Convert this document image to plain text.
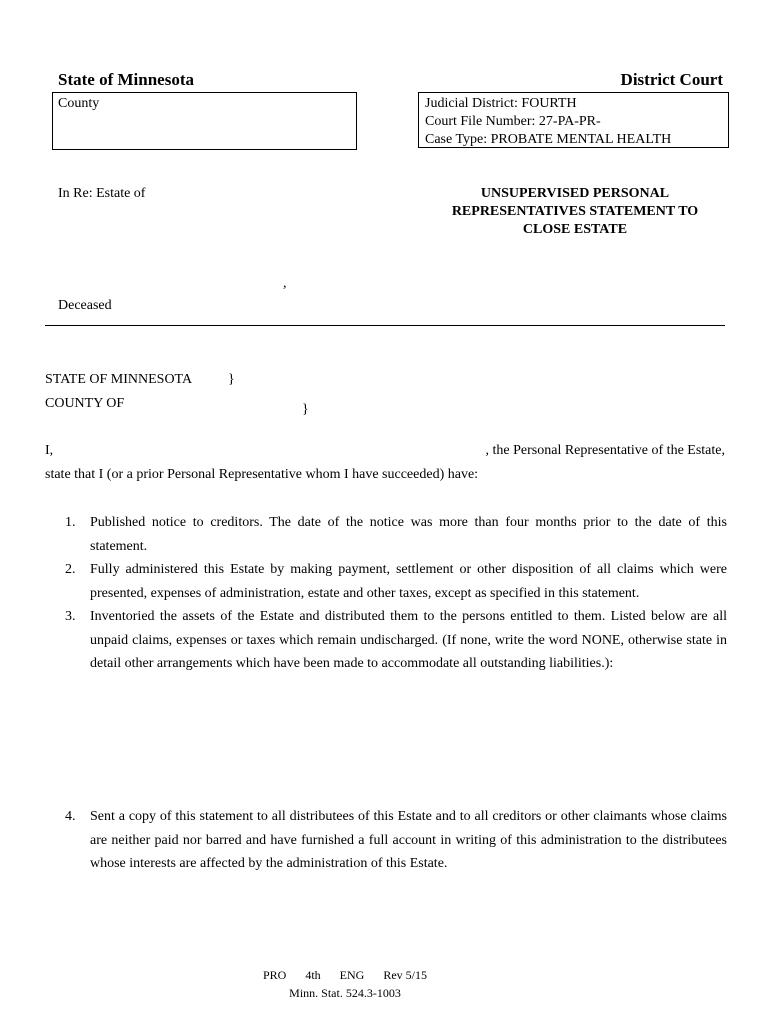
State of Minnesota	District Court
County	Judicial District: FOURTH
Court File Number: 27-PA-PR-
Case Type: PROBATE MENTAL HEALTH
In Re: Estate of	UNSUPERVISED PERSONAL
REPRESENTATIVES STATEMENT TO
CLOSE ESTATE
,
Deceased
STATE OF MINNESOTA	}
COUNTY OF	}
I,	, the Personal Representative of the Estate,
state that I (or a prior Personal Representative whom I have succeeded) have:
1.	Published notice to creditors. The date of the notice was more than four months prior to the date of this statement.
2.	Fully administered this Estate by making payment, settlement or other disposition of all claims which were presented, expenses of administration, estate and other taxes, except as specified in this statement.
3.	Inventoried the assets of the Estate and distributed them to the persons entitled to them. Listed below are all unpaid claims, expenses or taxes which remain undischarged. (If none, write the word NONE, otherwise state in detail other arrangements which have been made to accommodate all outstanding liabilities.):
4.	Sent a copy of this statement to all distributees of this Estate and to all creditors or other claimants whose claims are neither paid nor barred and have furnished a full account in writing of this administration to the distributees whose interests are affected by the administration of this Estate.
PRO 4th ENG Rev 5/15
Minn. Stat. 524.3-1003
